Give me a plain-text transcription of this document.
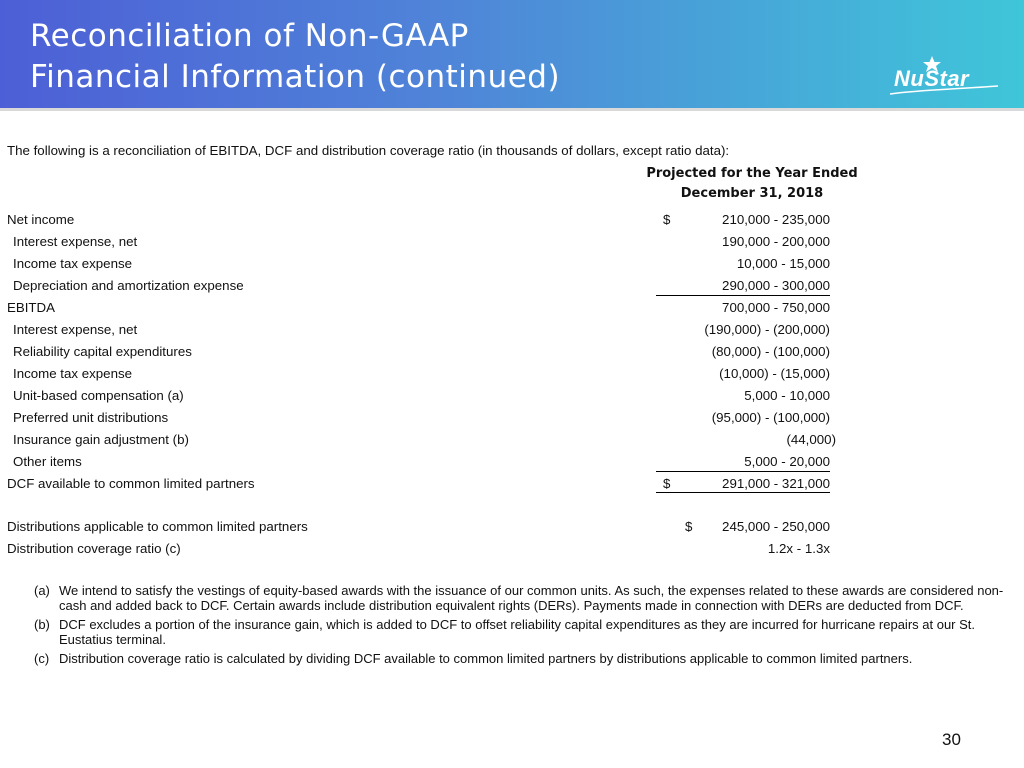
Reconciliation of Non-GAAP
Financial Information (continued)	NuStar
The following is a reconciliation of EBITDA, DCF and distribution coverage ratio (in thousands of dollars, except ratio data):
Projected for the Year Ended
December 31, 2018
Net income	$	210,000 - 235,000
Interest expense, net	190,000 - 200,000
Income tax expense	10,000 - 15,000
Depreciation and amortization expense	290,000 - 300,000
EBITDA	700,000 - 750,000
Interest expense, net	(190,000) - (200,000)
Reliability capital expenditures	(80,000) - (100,000)
Income tax expense	(10,000) - (15,000)
Unit-based compensation (a)	5,000 - 10,000
Preferred unit distributions	(95,000) - (100,000)
Insurance gain adjustment (b)	(44,000)
Other items	5,000 - 20,000
DCF available to common limited partners	$	291,000 - 321,000
Distributions applicable to common limited partners	$ 245,000 - 250,000
Distribution coverage ratio (c)	1.2x - 1.3x
(a) We intend to satisfy the vestings of equity-based awards with the issuance of our common units. As such, the expenses related to these awards are considered non-cash and added back to DCF. Certain awards include distribution equivalent rights (DERs). Payments made in connection with DERs are deducted from DCF.
(b) DCF excludes a portion of the insurance gain, which is added to DCF to offset reliability capital expenditures as they are incurred for hurricane repairs at our St. Eustatius terminal.
(c) Distribution coverage ratio is calculated by dividing DCF available to common limited partners by distributions applicable to common limited partners.
30
